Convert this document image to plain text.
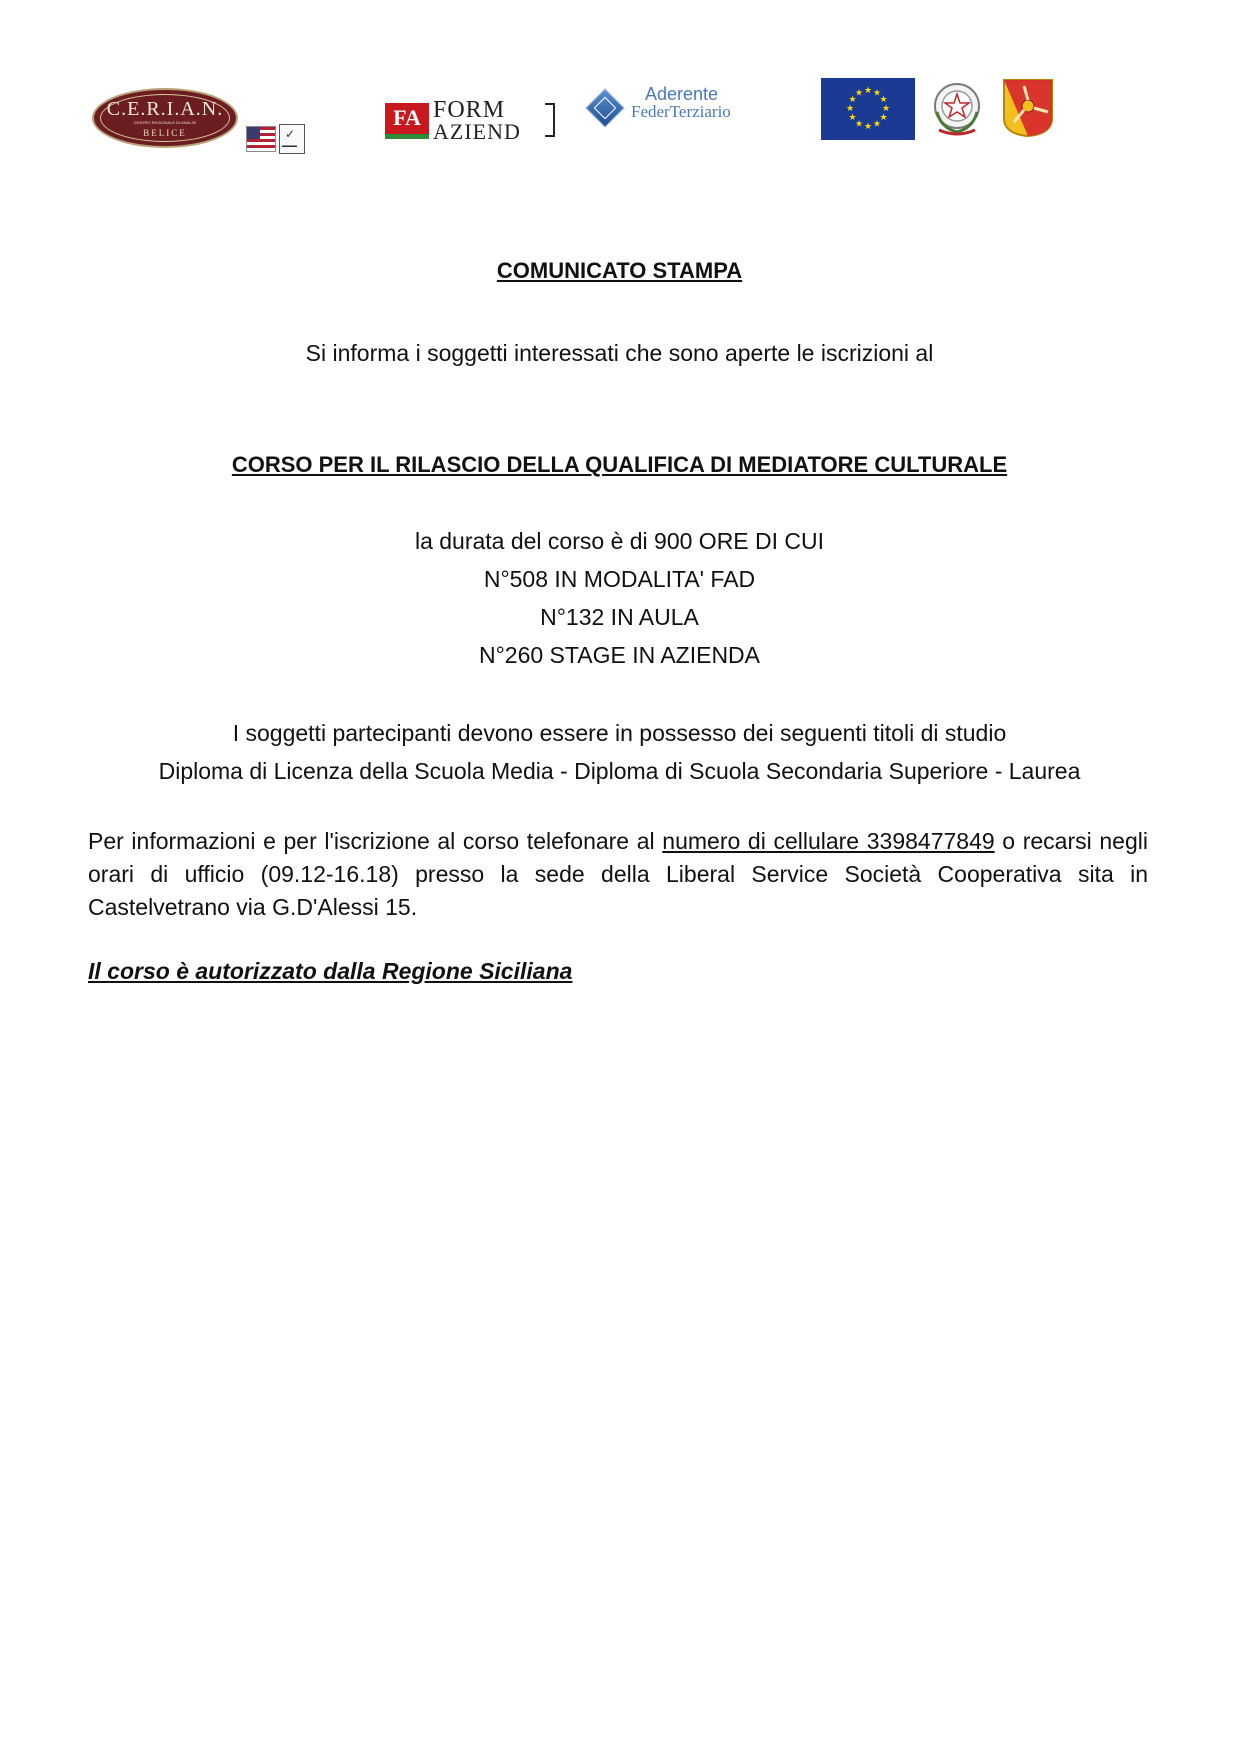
C.E.R.I.A.N.
CENTRO REGIONALE DI ANALISI
BELICE	✓
▬▬▬
FA FORM
AZIEND
Aderente
FederTerziario
★ ★
★
★
★
★
★
★
★
★
★
★
COMUNICATO STAMPA
Si informa i soggetti interessati che sono aperte le iscrizioni al
CORSO PER IL RILASCIO DELLA QUALIFICA DI MEDIATORE CULTURALE
la durata del corso è di 900 ORE DI CUI
N°508 IN MODALITA' FAD
N°132 IN AULA
N°260 STAGE IN AZIENDA
I soggetti partecipanti devono essere in possesso dei seguenti titoli di studio
Diploma di Licenza della Scuola Media - Diploma di Scuola Secondaria Superiore - Laurea
Per informazioni e per l'iscrizione al corso telefonare al numero di cellulare 3398477849 o recarsi negli orari di ufficio (09.12-16.18) presso la sede della Liberal Service Società Cooperativa sita in Castelvetrano via G.D'Alessi 15.
Il corso è autorizzato dalla Regione Siciliana
